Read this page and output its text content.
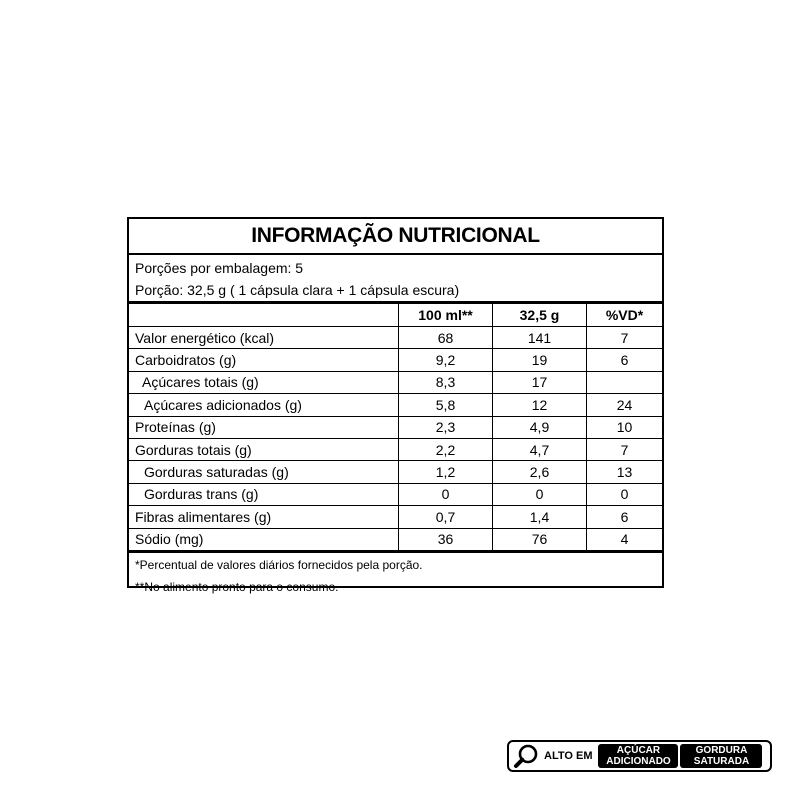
INFORMAÇÃO NUTRICIONAL
Porções por embalagem: 5
Porção: 32,5 g ( 1 cápsula clara + 1 cápsula escura)
	100 ml**	32,5 g	%VD*
Valor energético (kcal)	68	141	7
Carboidratos (g)	9,2	19	6
Açúcares totais (g)	8,3	17	
Açúcares adicionados (g)	5,8	12	24
Proteínas (g)	2,3	4,9	10
Gorduras totais (g)	2,2	4,7	7
Gorduras saturadas (g)	1,2	2,6	13
Gorduras trans (g)	0	0	0
Fibras alimentares (g)	0,7	1,4	6
Sódio (mg)	36	76	4
*Percentual de valores diários fornecidos pela porção.
**No alimento pronto para o consumo.
ALTO EM	AÇÚCAR
ADICIONADO
GORDURA
SATURADA
